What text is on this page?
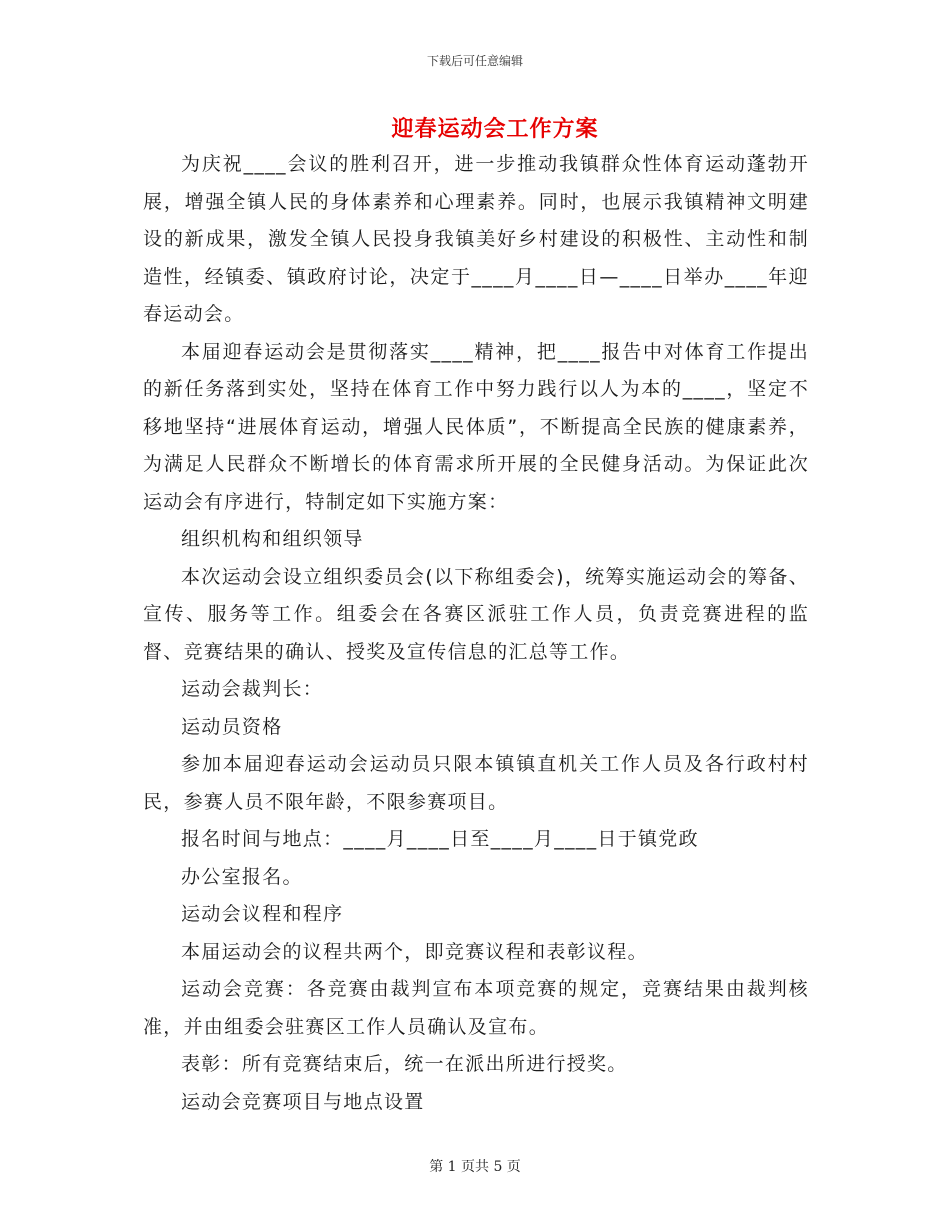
下载后可任意编辑
迎春运动会工作方案

为庆祝____会议的胜利召开，进一步推动我镇群众性体育运动蓬勃开展，增强全镇人民的身体素养和心理素养。同时，也展示我镇精神文明建设的新成果，激发全镇人民投身我镇美好乡村建设的积极性、主动性和制造性，经镇委、镇政府讨论，决定于____月____日—____日举办____年迎春运动会。

本届迎春运动会是贯彻落实____精神，把____报告中对体育工作提出的新任务落到实处，坚持在体育工作中努力践行以人为本的____，坚定不移地坚持“进展体育运动，增强人民体质”，不断提高全民族的健康素养，为满足人民群众不断增长的体育需求所开展的全民健身活动。为保证此次运动会有序进行，特制定如下实施方案：

组织机构和组织领导

本次运动会设立组织委员会(以下称组委会)，统筹实施运动会的筹备、宣传、服务等工作。组委会在各赛区派驻工作人员，负责竞赛进程的监督、竞赛结果的确认、授奖及宣传信息的汇总等工作。

运动会裁判长：

运动员资格

参加本届迎春运动会运动员只限本镇镇直机关工作人员及各行政村村民，参赛人员不限年龄，不限参赛项目。

报名时间与地点：____月____日至____月____日于镇党政

办公室报名。

运动会议程和程序

本届运动会的议程共两个，即竞赛议程和表彰议程。

运动会竞赛：各竞赛由裁判宣布本项竞赛的规定，竞赛结果由裁判核准，并由组委会驻赛区工作人员确认及宣布。

表彰：所有竞赛结束后，统一在派出所进行授奖。

运动会竞赛项目与地点设置

第 1 页共 5 页
